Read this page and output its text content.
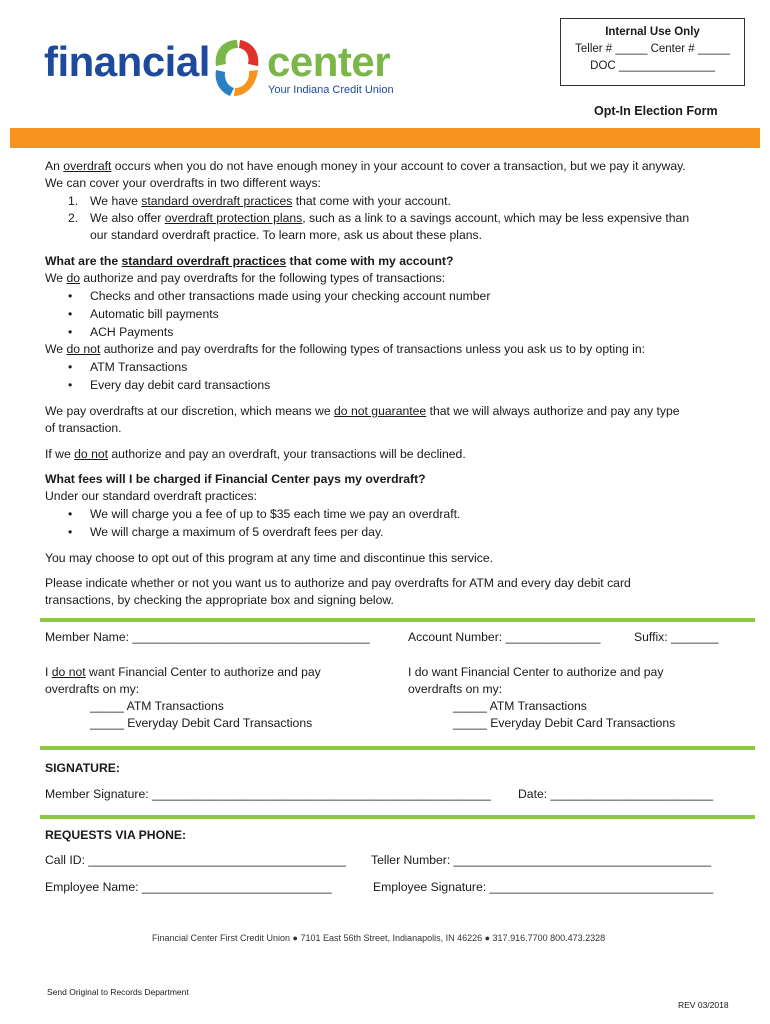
financial center
Your Indiana Credit Union
Internal Use Only
Teller # _____ Center # _____
DOC _______________
Opt-In Election Form
An overdraft occurs when you do not have enough money in your account to cover a transaction, but we pay it anyway.
We can cover your overdrafts in two different ways:
1. We have standard overdraft practices that come with your account.
2. We also offer overdraft protection plans, such as a link to a savings account, which may be less expensive than
our standard overdraft practice. To learn more, ask us about these plans.
What are the standard overdraft practices that come with my account?
We do authorize and pay overdrafts for the following types of transactions:
• Checks and other transactions made using your checking account number
• Automatic bill payments
• ACH Payments
We do not authorize and pay overdrafts for the following types of transactions unless you ask us to by opting in:
• ATM Transactions
• Every day debit card transactions
We pay overdrafts at our discretion, which means we do not guarantee that we will always authorize and pay any type
of transaction.
If we do not authorize and pay an overdraft, your transactions will be declined.
What fees will I be charged if Financial Center pays my overdraft?
Under our standard overdraft practices:
• We will charge you a fee of up to $35 each time we pay an overdraft.
• We will charge a maximum of 5 overdraft fees per day.
You may choose to opt out of this program at any time and discontinue this service.
Please indicate whether or not you want us to authorize and pay overdrafts for ATM and every day debit card
transactions, by checking the appropriate box and signing below.
Member Name: ___________________________________	Account Number: ______________	Suffix: _______
I do not want Financial Center to authorize and pay
overdrafts on my:
_____ ATM Transactions
_____ Everyday Debit Card Transactions
I do want Financial Center to authorize and pay
overdrafts on my:
_____ ATM Transactions
_____ Everyday Debit Card Transactions
SIGNATURE:
Member Signature: __________________________________________________ Date: ________________________
REQUESTS VIA PHONE:
Call ID: ______________________________________ Teller Number: ______________________________________
Employee Name: ____________________________	Employee Signature: _________________________________
Financial Center First Credit Union ● 7101 East 56th Street, Indianapolis, IN 46226 ● 317.916.7700 800.473.2328
Send Original to Records Department
REV 03/2018
